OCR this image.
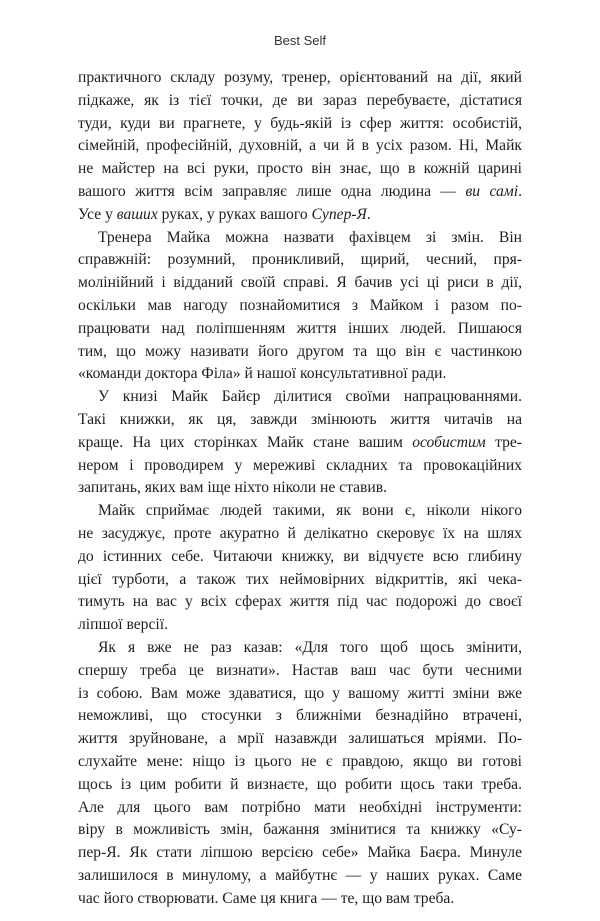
Best Self
практичного складу розуму, тренер, орієнтований на дії, який
підкаже, як із тієї точки, де ви зараз перебуваєте, дістатися
туди, куди ви прагнете, у будь-якій із сфер життя: особистій,
сімейній, професійній, духовній, а чи й в усіх разом. Ні, Майк
не майстер на всі руки, просто він знає, що в кожній царині
вашого життя всім заправляє лише одна людина — ви самі.
Усе у ваших руках, у руках вашого Супер-Я.
Тренера Майка можна назвати фахівцем зі змін. Він
справжній: розумний, проникливий, щирий, чесний, пря-
молінійний і відданий своїй справі. Я бачив усі ці риси в дії,
оскільки мав нагоду познайомитися з Майком і разом по-
працювати над поліпшенням життя інших людей. Пишаюся
тим, що можу називати його другом та що він є частинкою
«команди доктора Філа» й нашої консультативної ради.
У книзі Майк Байєр ділитися своїми напрацюваннями.
Такі книжки, як ця, завжди змінюють життя читачів на
краще. На цих сторінках Майк стане вашим особистим тре-
нером і проводирем у мереживі складних та провокаційних
запитань, яких вам іще ніхто ніколи не ставив.
Майк сприймає людей такими, як вони є, ніколи нікого
не засуджує, проте акуратно й делікатно скеровує їх на шлях
до істинних себе. Читаючи книжку, ви відчуєте всю глибину
цієї турботи, а також тих неймовірних відкриттів, які чека-
тимуть на вас у всіх сферах життя під час подорожі до своєї
ліпшої версії.
Як я вже не раз казав: «Для того щоб щось змінити,
спершу треба це визнати». Настав ваш час бути чесними
із собою. Вам може здаватися, що у вашому житті зміни вже
неможливі, що стосунки з ближніми безнадійно втрачені,
життя зруйноване, а мрії назавжди залишаться мріями. По-
слухайте мене: ніщо із цього не є правдою, якщо ви готові
щось із цим робити й визнаєте, що робити щось таки треба.
Але для цього вам потрібно мати необхідні інструменти:
віру в можливість змін, бажання змінитися та книжку «Су-
пер-Я. Як стати ліпшою версією себе» Майка Баєра. Минуле
залишилося в минулому, а майбутнє — у наших руках. Саме
час його створювати. Саме ця книга — те, що вам треба.
